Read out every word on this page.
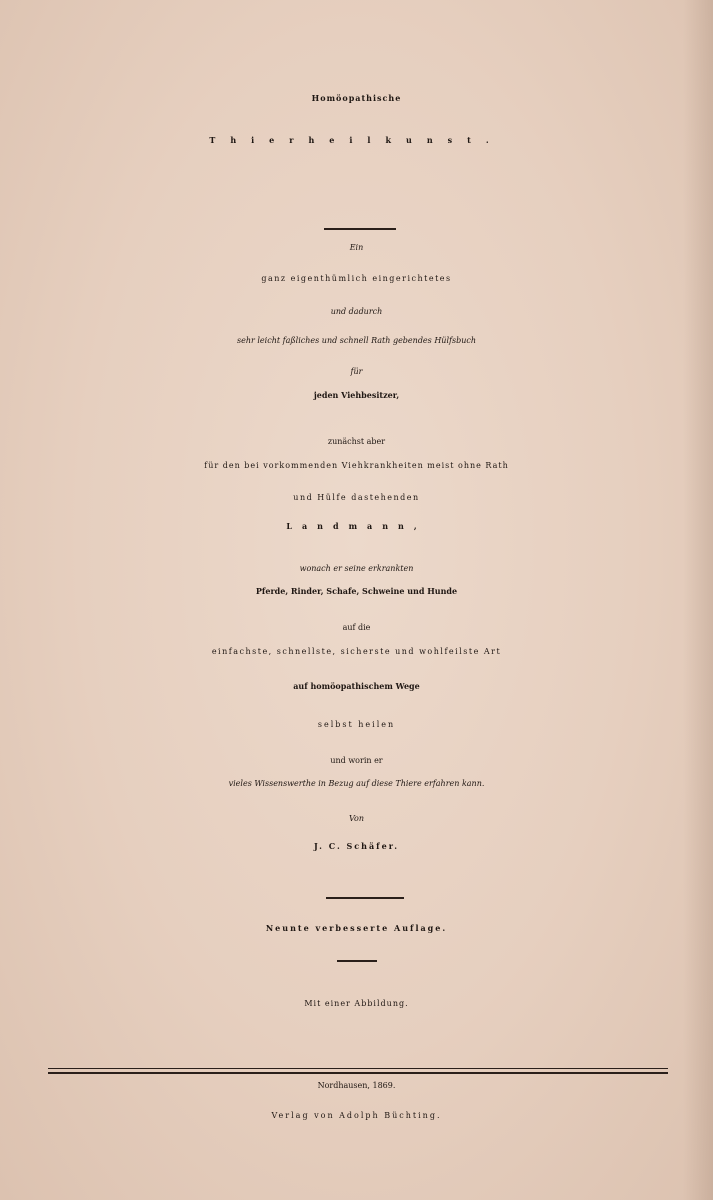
Homöopathische
Thierheilkunst.
Ein
ganz eigenthümlich eingerichtetes
und dadurch
sehr leicht faßliches und schnell Rath gebendes Hülfsbuch
für
jeden Viehbesitzer,
zunächst aber
für den bei vorkommenden Viehkrankheiten meist ohne Rath
und Hülfe dastehenden
Landmann,
wonach er seine erkrankten
Pferde, Rinder, Schafe, Schweine und Hunde
auf die
einfachste, schnellste, sicherste und wohlfeilste Art
auf homöopathischem Wege
selbst heilen
und worin er
vieles Wissenswerthe in Bezug auf diese Thiere erfahren kann.
Von
J. C. Schäfer.
Neunte verbesserte Auflage.
Mit einer Abbildung.
Nordhausen, 1869.
Verlag von Adolph Büchting.
